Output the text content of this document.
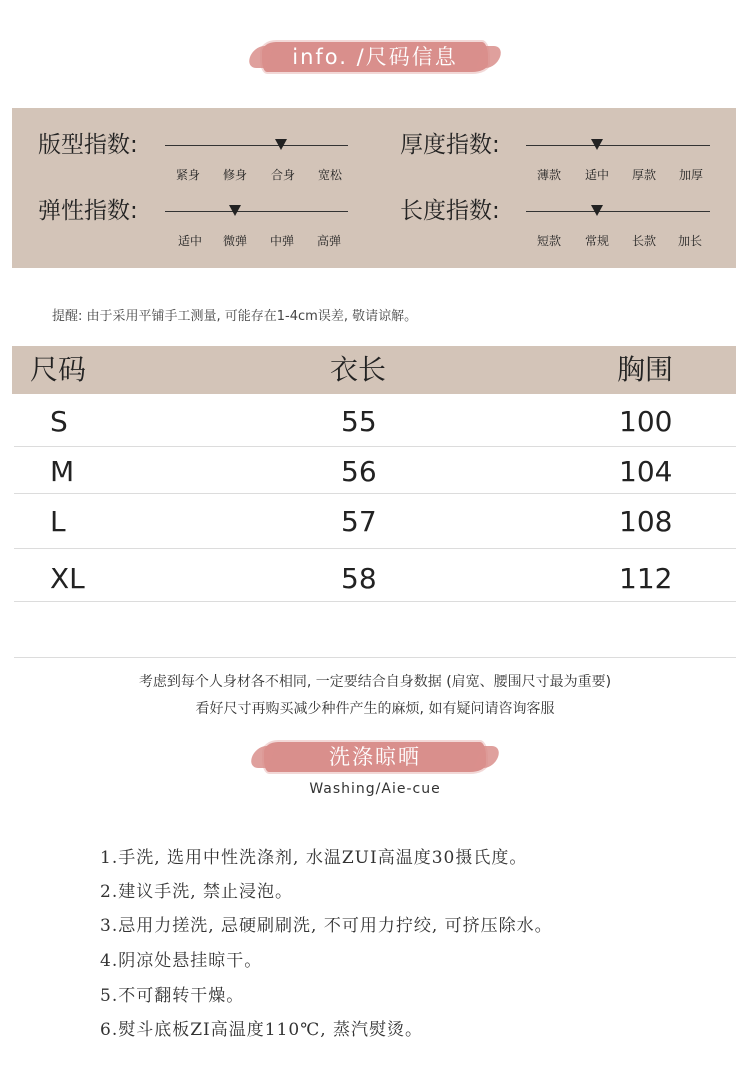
info. /尺码信息
版型指数:
紧身	修身	合身	宽松
厚度指数:
薄款	适中	厚款	加厚
弹性指数:
适中	微弹	中弹	高弹
长度指数:
短款	常规	长款	加长
提醒: 由于采用平铺手工测量, 可能存在1-4cm误差, 敬请谅解。
尺码	衣长	胸围
S	55	100
M	56	104
L	57	108
XL	58	112
考虑到每个人身材各不相同, 一定要结合自身数据 (肩宽、腰围尺寸最为重要)
看好尺寸再购买减少种件产生的麻烦, 如有疑问请咨询客服
洗涤晾晒
Washing/Aie-cue
1.手洗, 选用中性洗涤剂, 水温ZUI高温度30摄氏度。
2.建议手洗, 禁止浸泡。
3.忌用力搓洗, 忌硬刷刷洗, 不可用力拧绞, 可挤压除水。
4.阴凉处悬挂晾干。
5.不可翻转干燥。
6.熨斗底板ZI高温度110℃, 蒸汽熨烫。
